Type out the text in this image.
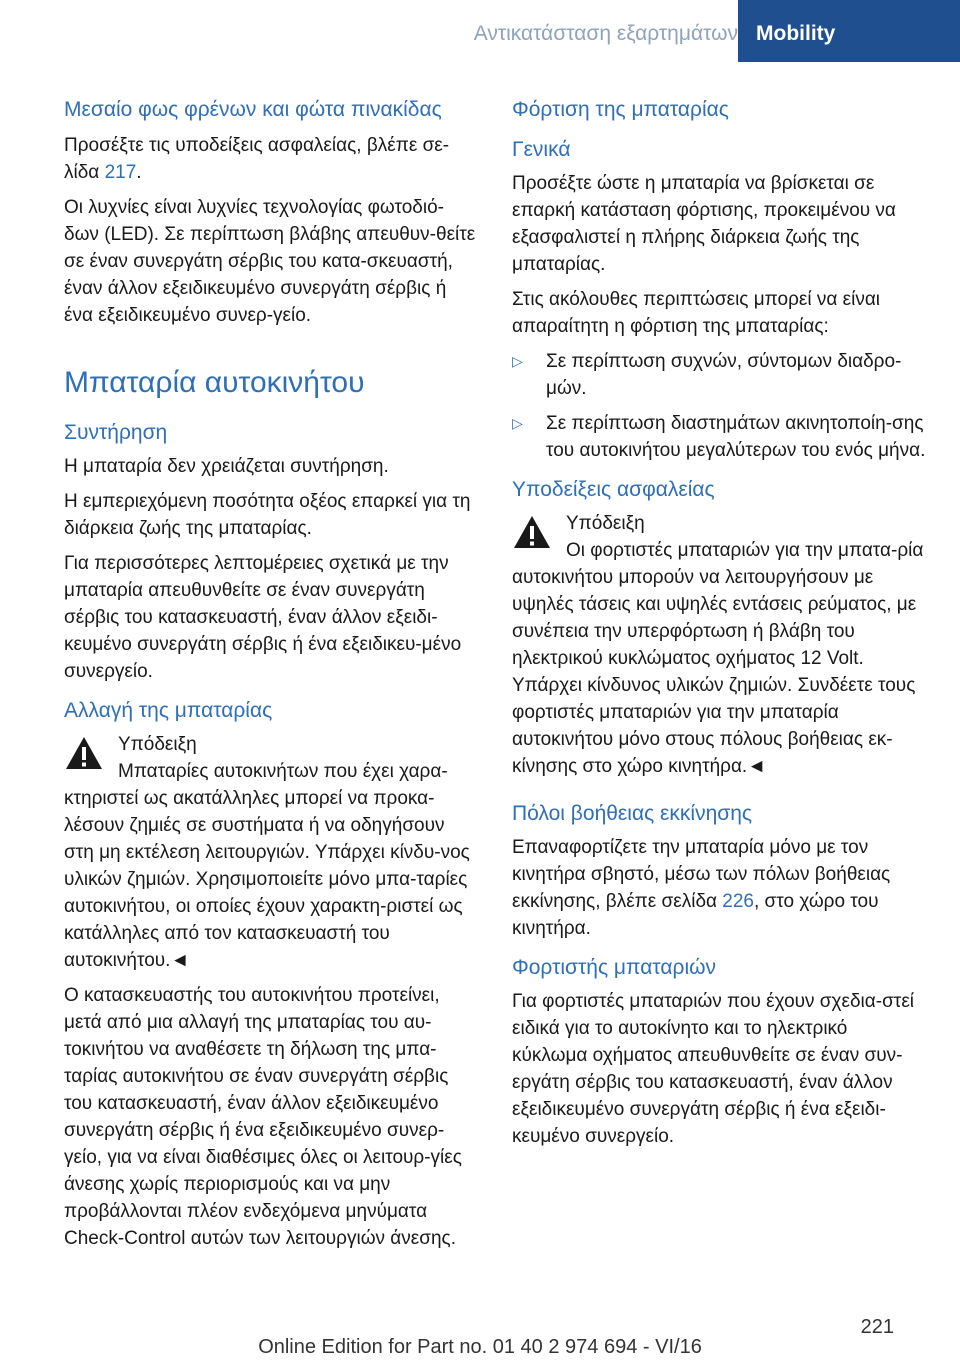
Αντικατάσταση εξαρτημάτων Mobility
Μεσαίο φως φρένων και φώτα πινακίδας

Προσέξτε τις υποδείξεις ασφαλείας, βλέπε σε‐λίδα 217.

Οι λυχνίες είναι λυχνίες τεχνολογίας φωτοδιό‐δων (LED). Σε περίπτωση βλάβης απευθυν‐θείτε σε έναν συνεργάτη σέρβις του κατα‐σκευαστή, έναν άλλον εξειδικευμένο συνεργάτη σέρβις ή ένα εξειδικευμένο συνερ‐γείο.

Μπαταρία αυτοκινήτου
Συντήρηση

Η μπαταρία δεν χρειάζεται συντήρηση.

Η εμπεριεχόμενη ποσότητα οξέος επαρκεί για τη διάρκεια ζωής της μπαταρίας.

Για περισσότερες λεπτομέρειες σχετικά με την μπαταρία απευθυνθείτε σε έναν συνεργάτη σέρβις του κατασκευαστή, έναν άλλον εξειδι‐κευμένο συνεργάτη σέρβις ή ένα εξειδικευ‐μένο συνεργείο.

Αλλαγή της μπαταρίας

Υπόδειξη

Μπαταρίες αυτοκινήτων που έχει χαρα‐κτηριστεί ως ακατάλληλες μπορεί να προκα‐λέσουν ζημιές σε συστήματα ή να οδηγήσουν στη μη εκτέλεση λειτουργιών. Υπάρχει κίνδυ‐νος υλικών ζημιών. Χρησιμοποιείτε μόνο μπα‐ταρίες αυτοκινήτου, οι οποίες έχουν χαρακτη‐ριστεί ως κατάλληλες από τον κατασκευαστή του αυτοκινήτου.◄

Ο κατασκευαστής του αυτοκινήτου προτείνει, μετά από μια αλλαγή της μπαταρίας του αυ‐τοκινήτου να αναθέσετε τη δήλωση της μπα‐ταρίας αυτοκινήτου σε έναν συνεργάτη σέρβις του κατασκευαστή, έναν άλλον εξειδικευμένο συνεργάτη σέρβις ή ένα εξειδικευμένο συνερ‐γείο, για να είναι διαθέσιμες όλες οι λειτουρ‐γίες άνεσης χωρίς περιορισμούς και να μην προβάλλονται πλέον ενδεχόμενα μηνύματα Check-Control αυτών των λειτουργιών άνεσης.

Φόρτιση της μπαταρίας
Γενικά

Προσέξτε ώστε η μπαταρία να βρίσκεται σε επαρκή κατάσταση φόρτισης, προκειμένου να εξασφαλιστεί η πλήρης διάρκεια ζωής της μπαταρίας.

Στις ακόλουθες περιπτώσεις μπορεί να είναι απαραίτητη η φόρτιση της μπαταρίας:

▷ Σε περίπτωση συχνών, σύντομων διαδρο‐μών.

▷ Σε περίπτωση διαστημάτων ακινητοποίη‐σης του αυτοκινήτου μεγαλύτερων του ενός μήνα.

Υποδείξεις ασφαλείας

Υπόδειξη

Οι φορτιστές μπαταριών για την μπατα‐ρία αυτοκινήτου μπορούν να λειτουργήσουν με υψηλές τάσεις και υψηλές εντάσεις ρεύματος, με συνέπεια την υπερφόρτωση ή βλάβη του ηλεκτρικού κυκλώματος οχήματος 12 Volt. Υπάρχει κίνδυνος υλικών ζημιών. Συνδέετε τους φορτιστές μπαταριών για την μπαταρία αυτοκινήτου μόνο στους πόλους βοήθειας εκ‐κίνησης στο χώρο κινητήρα.◄

Πόλοι βοήθειας εκκίνησης

Επαναφορτίζετε την μπαταρία μόνο με τον κινητήρα σβηστό, μέσω των πόλων βοήθειας εκκίνησης, βλέπε σελίδα 226, στο χώρο του κινητήρα.

Φορτιστής μπαταριών

Για φορτιστές μπαταριών που έχουν σχεδια‐στεί ειδικά για το αυτοκίνητο και το ηλεκτρικό κύκλωμα οχήματος απευθυνθείτε σε έναν συν‐εργάτη σέρβις του κατασκευαστή, έναν άλλον εξειδικευμένο συνεργάτη σέρβις ή ένα εξειδι‐κευμένο συνεργείο.

221
Online Edition for Part no. 01 40 2 974 694 - VI/16
